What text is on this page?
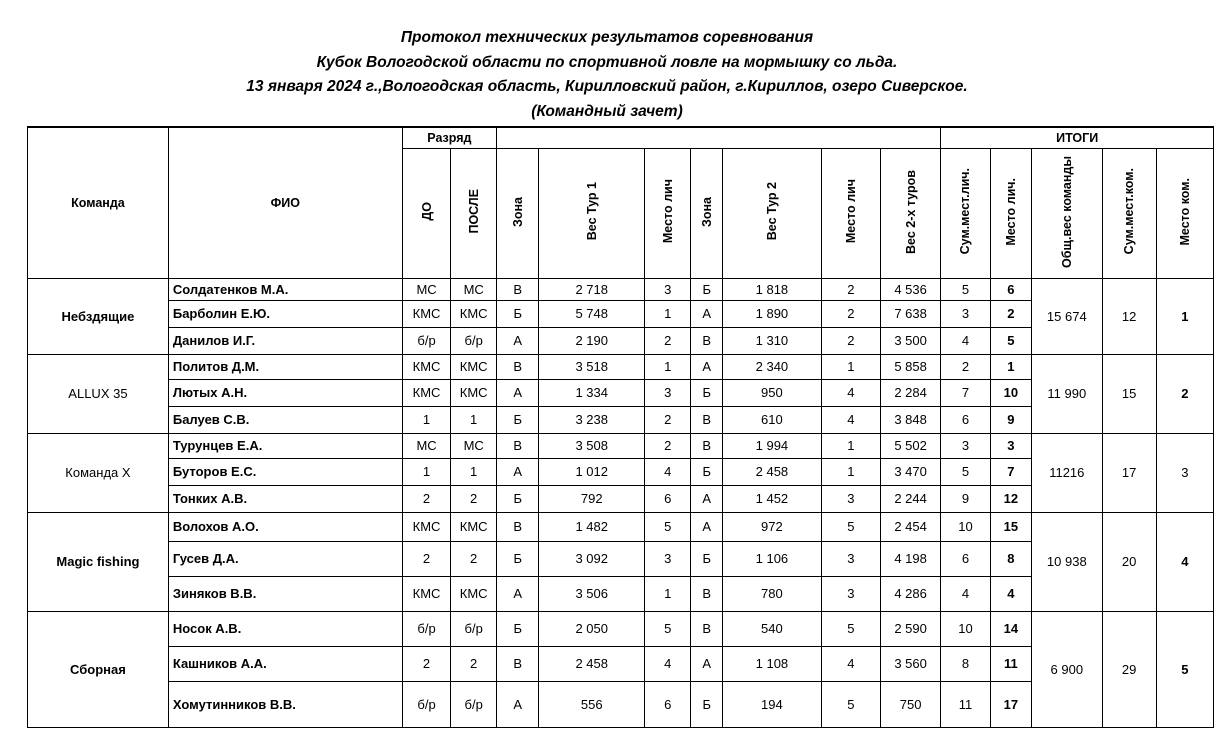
Протокол технических результатов соревнования
Кубок Вологодской области по спортивной ловле на мормышку со льда.
13 января 2024 г.,Вологодская область, Кирилловский район, г.Кириллов, озеро Сиверское.
(Командный зачет)
Команда	ФИО	Разряд									ИТОГИ				
		ДО	ПОСЛЕ	Зона	Вес Тур 1	Место лич	Зона	Вес Тур 2	Место лич	Вес 2-х туров	Сум.мест.лич.	Место лич.	Общ.вес команды	Сум.мест.ком.	Место ком.
Небздящие	Солдатенков М.А.	МС	МС	В	2 718	3	Б	1 818	2	4 536	5	6	15 674	12	1
	Барболин Е.Ю.	КМС	КМС	Б	5 748	1	А	1 890	2	7 638	3	2			
	Данилов И.Г.	б/р	б/р	А	2 190	2	В	1 310	2	3 500	4	5			
ALLUX 35	Политов Д.М.	КМС	КМС	В	3 518	1	А	2 340	1	5 858	2	1	11 990	15	2
	Лютых А.Н.	КМС	КМС	А	1 334	3	Б	950	4	2 284	7	10			
	Балуев С.В.	1	1	Б	3 238	2	В	610	4	3 848	6	9			
Команда Х	Турунцев Е.А.	МС	МС	В	3 508	2	В	1 994	1	5 502	3	3	11216	17	3
	Буторов Е.С.	1	1	А	1 012	4	Б	2 458	1	3 470	5	7			
	Тонких А.В.	2	2	Б	792	6	А	1 452	3	2 244	9	12			
Magic fishing	Волохов А.О.	КМС	КМС	В	1 482	5	А	972	5	2 454	10	15	10 938	20	4
	Гусев Д.А.	2	2	Б	3 092	3	Б	1 106	3	4 198	6	8			
	Зиняков В.В.	КМС	КМС	А	3 506	1	В	780	3	4 286	4	4			
Сборная	Носок А.В.	б/р	б/р	Б	2 050	5	В	540	5	2 590	10	14	6 900	29	5
	Кашников А.А.	2	2	В	2 458	4	А	1 108	4	3 560	8	11			
	Хомутинников В.В.	б/р	б/р	А	556	6	Б	194	5	750	11	17			
